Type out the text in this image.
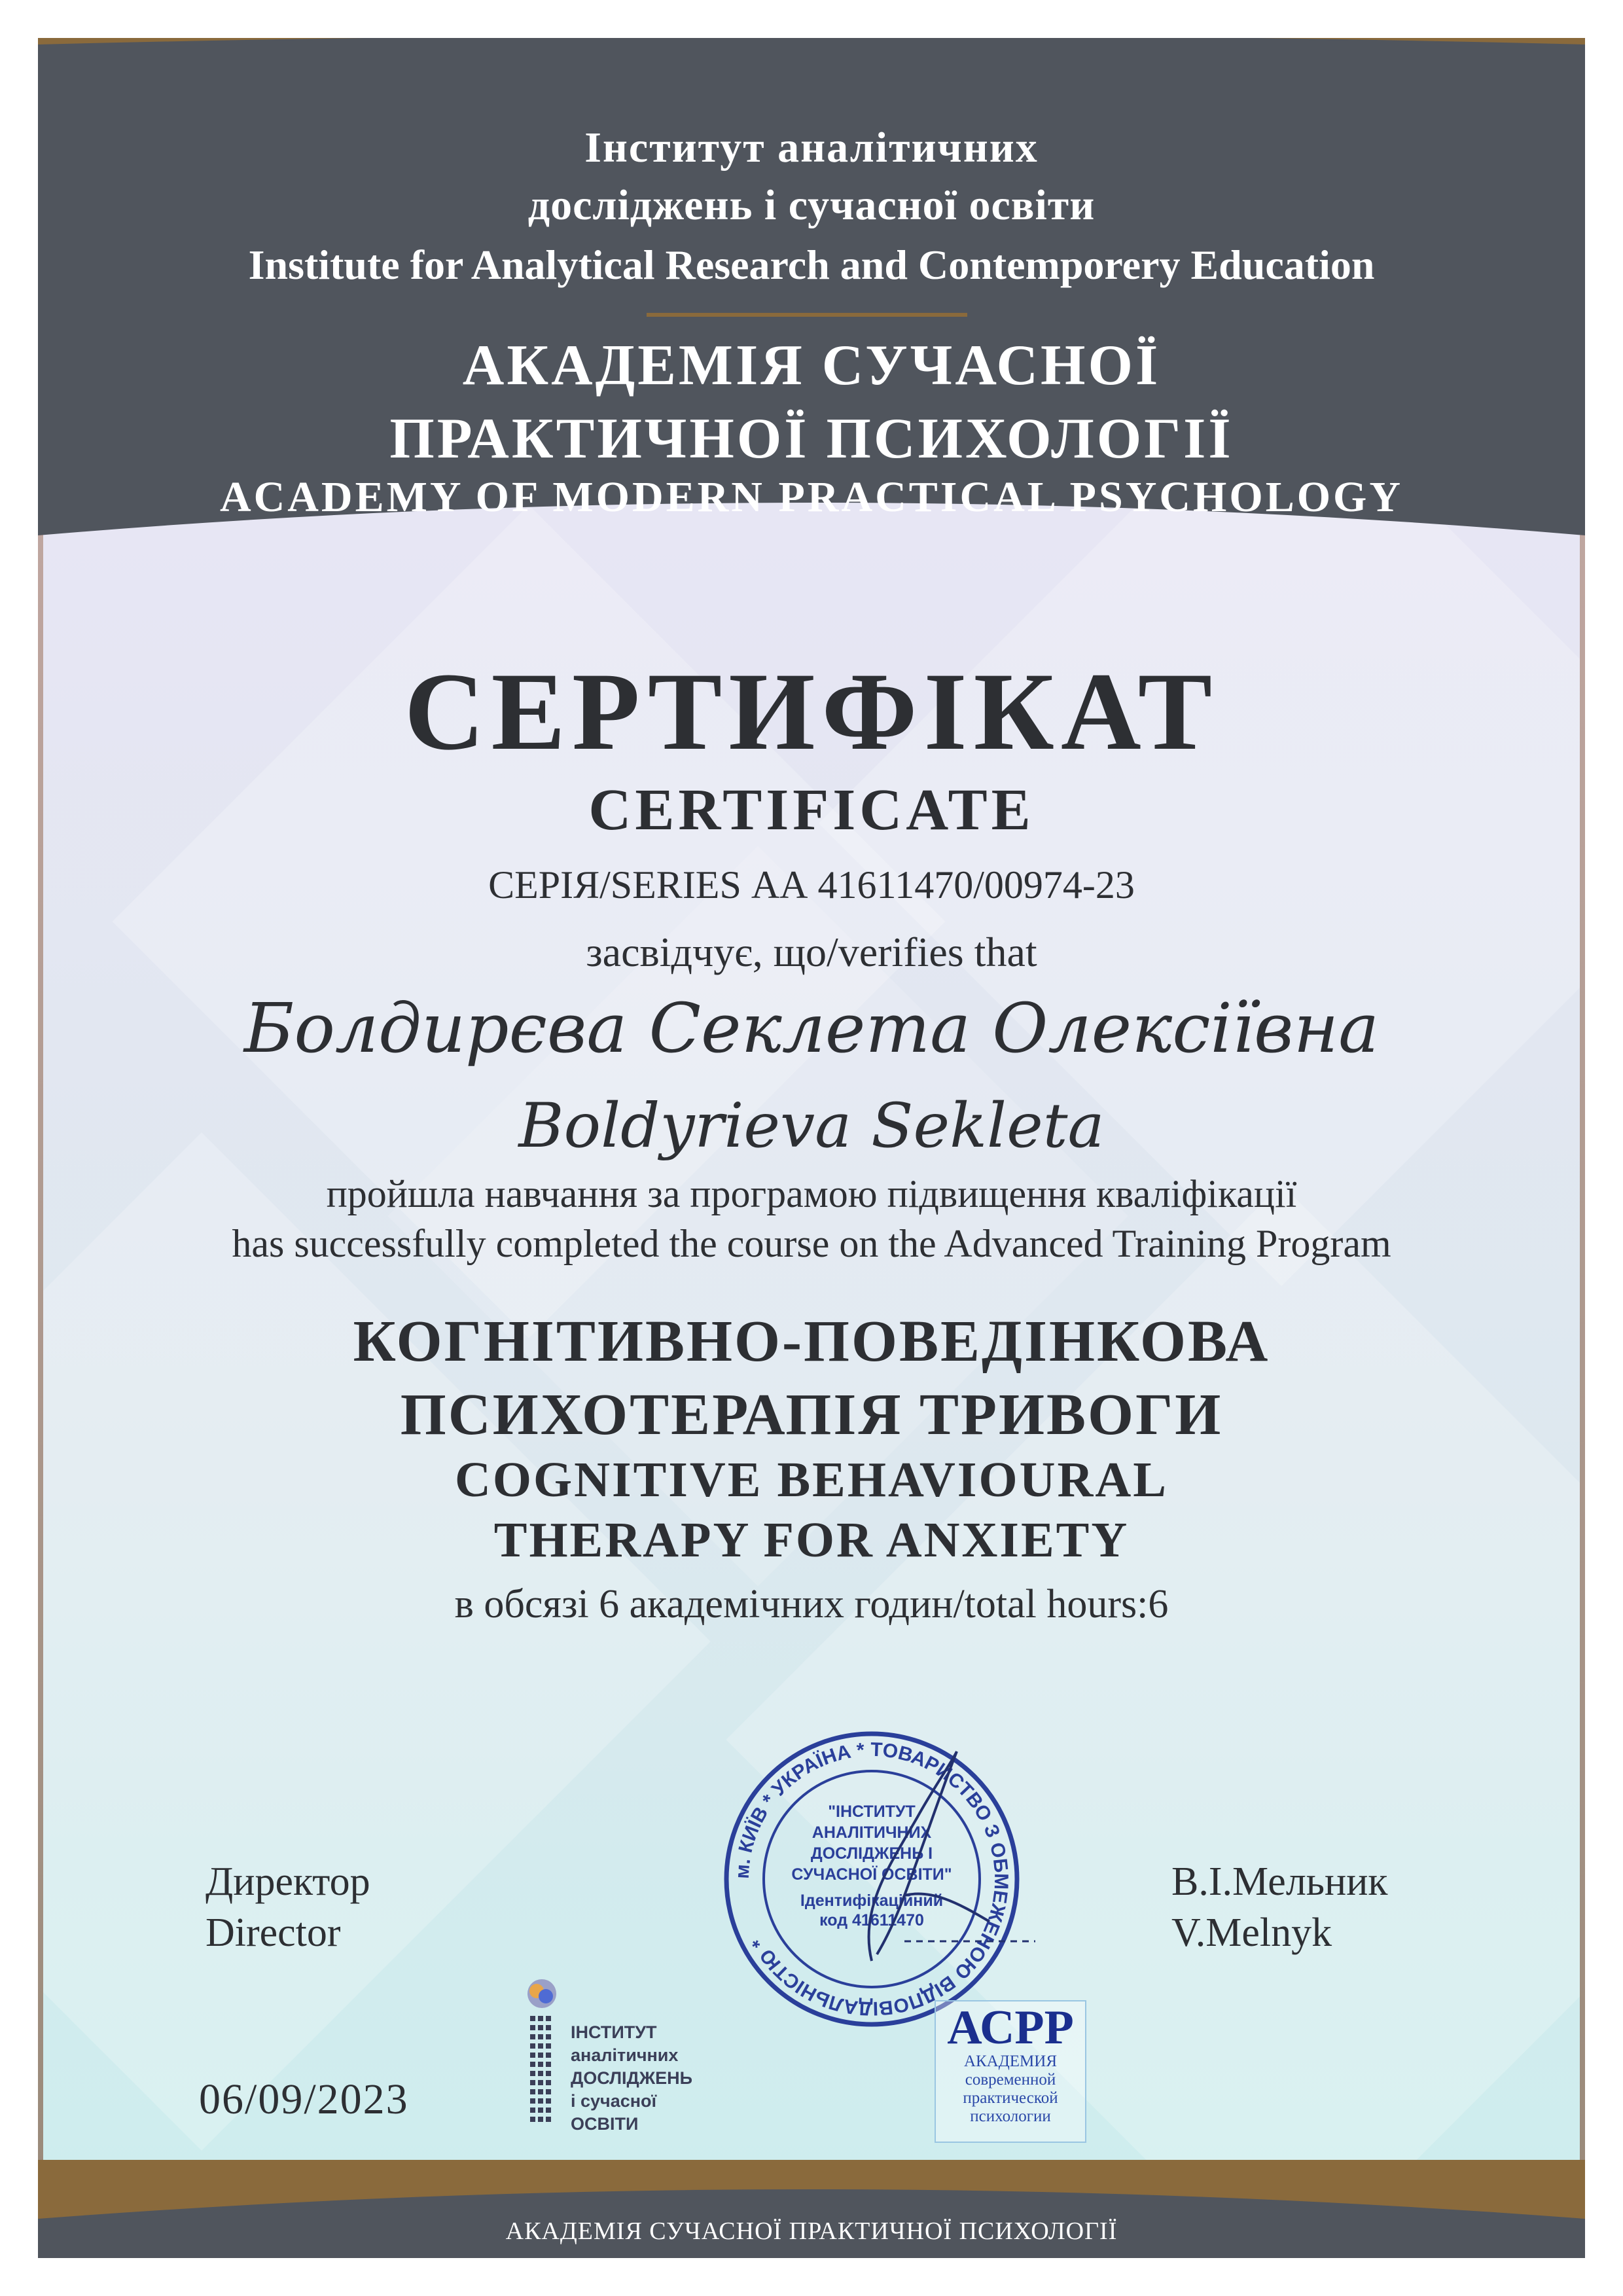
Інститут аналітичних
досліджень і сучасної освіти
Institute for Analytical Research and Contemporery Education
АКАДЕМІЯ СУЧАСНОЇ
ПРАКТИЧНОЇ ПСИХОЛОГІЇ
ACADEMY OF MODERN PRACTICAL PSYCHOLOGY
СЕРТИФІКАТ
CERTIFICATE
СЕРІЯ/SERIES АА 41611470/00974-23
засвідчує, що/verifies that
Болдирєва Секлета Олексіївна
Boldyrieva Sekleta
пройшла навчання за програмою підвищення кваліфікації
has successfully completed the course on the Advanced Training Program
КОГНІТИВНО-ПОВЕДІНКОВА
ПСИХОТЕРАПІЯ ТРИВОГИ
COGNITIVE BEHAVIOURAL
THERAPY FOR ANXIETY
в обсязі 6 академічних годин/total hours:6
Директор
Director
В.І.Мельник
V.Melnyk
06/09/2023
м. КИЇВ * УКРАЇНА * ТОВАРИСТВО З ОБМЕЖЕНОЮ ВІДПОВІДАЛЬНІСТЮ *
"ІНСТИТУТ
АНАЛІТИЧНИХ
ДОСЛІДЖЕНЬ І
СУЧАСНОЇ ОСВІТИ"
Ідентифікаційний
код 41611470
ІНСТИТУТ
аналітичних
ДОСЛІДЖЕНЬ
і сучасної
ОСВІТИ
АСРР
АКАДЕМИЯ
современной
практической
психологии
АКАДЕМІЯ СУЧАСНОЇ ПРАКТИЧНОЇ ПСИХОЛОГІЇ
